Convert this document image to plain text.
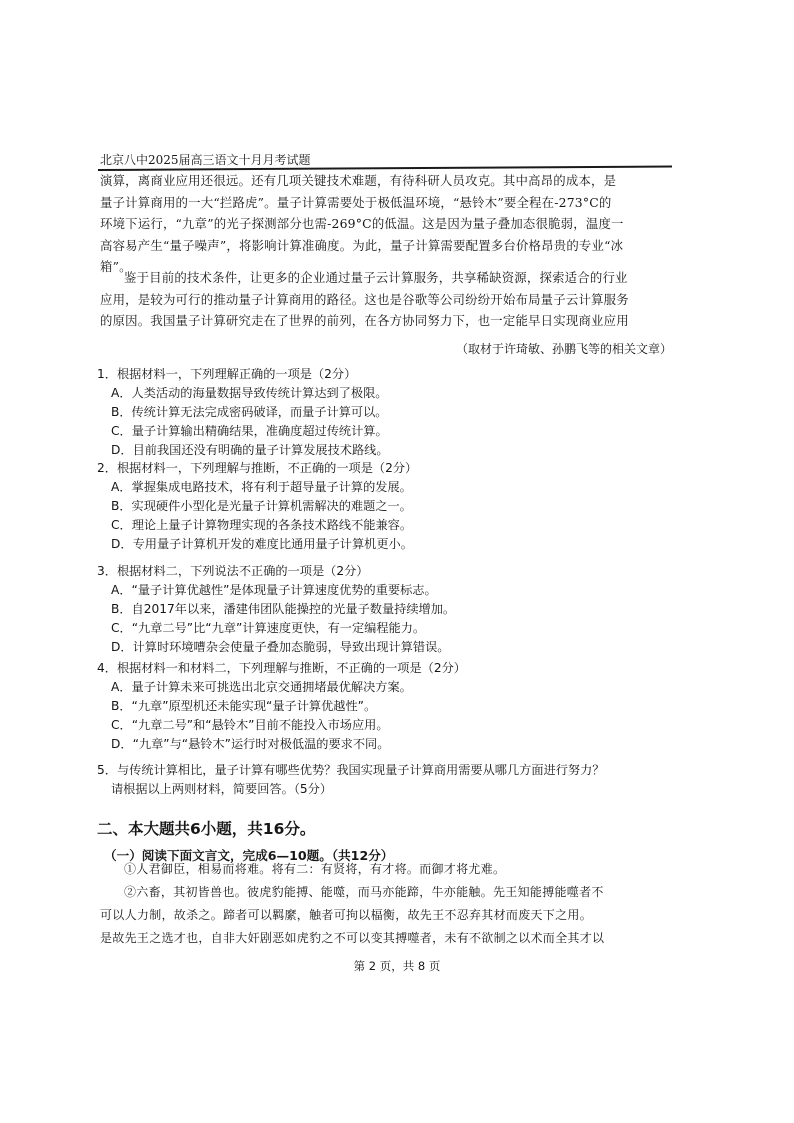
北京八中2025届高三语文十月月考试题

演算，离商业应用还很远。还有几项关键技术难题，有待科研人员攻克。其中高昂的成本，是

量子计算商用的一大“拦路虎”。量子计算需要处于极低温环境，“悬铃木”要全程在-273°C的

环境下运行，“九章”的光子探测部分也需-269°C的低温。这是因为量子叠加态很脆弱，温度一

高容易产生“量子噪声”，将影响计算准确度。为此，量子计算需要配置多台价格昂贵的专业“冰

箱”。

鉴于目前的技术条件，让更多的企业通过量子云计算服务，共享稀缺资源，探索适合的行业

应用，是较为可行的推动量子计算商用的路径。这也是谷歌等公司纷纷开始布局量子云计算服务

的原因。我国量子计算研究走在了世界的前列，在各方协同努力下，也一定能早日实现商业应用

（取材于许琦敏、孙鹏飞等的相关文章）
1．根据材料一，下列理解正确的一项是（2分）
A．人类活动的海量数据导致传统计算达到了极限。
B．传统计算无法完成密码破译，而量子计算可以。
C．量子计算输出精确结果，准确度超过传统计算。
D．目前我国还没有明确的量子计算发展技术路线。
2．根据材料一，下列理解与推断，不正确的一项是（2分）
A．掌握集成电路技术，将有利于超导量子计算的发展。
B．实现硬件小型化是光量子计算机需解决的难题之一。
C．理论上量子计算物理实现的各条技术路线不能兼容。
D．专用量子计算机开发的难度比通用量子计算机更小。
3．根据材料二，下列说法不正确的一项是（2分）
A．“量子计算优越性”是体现量子计算速度优势的重要标志。
B．自2017年以来，潘建伟团队能操控的光量子数量持续增加。
C．“九章二号”比“九章”计算速度更快，有一定编程能力。
D．计算时环境嘈杂会使量子叠加态脆弱，导致出现计算错误。
4．根据材料一和材料二，下列理解与推断，不正确的一项是（2分）
A．量子计算未来可挑选出北京交通拥堵最优解决方案。
B．“九章”原型机还未能实现“量子计算优越性”。
C．“九章二号”和“悬铃木”目前不能投入市场应用。
D．“九章”与“悬铃木”运行时对极低温的要求不同。
5．与传统计算相比，量子计算有哪些优势？我国实现量子计算商用需要从哪几方面进行努力？
请根据以上两则材料，简要回答。（5分）
二、本大题共6小题，共16分。
（一）阅读下面文言文，完成6—10题。（共12分）

①人君御臣，相易而将难。将有二：有贤将，有才将。而御才将尤难。

②六畜，其初皆兽也。彼虎豹能搏、能噬，而马亦能蹄，牛亦能触。先王知能搏能噬者不

可以人力制，故杀之。蹄者可以羁縻，触者可拘以楅衡，故先王不忍弃其材而废天下之用。

是故先王之选才也，自非大奸剧恶如虎豹之不可以变其搏噬者，未有不欲制之以术而全其才以

第 2 页，共 8 页
